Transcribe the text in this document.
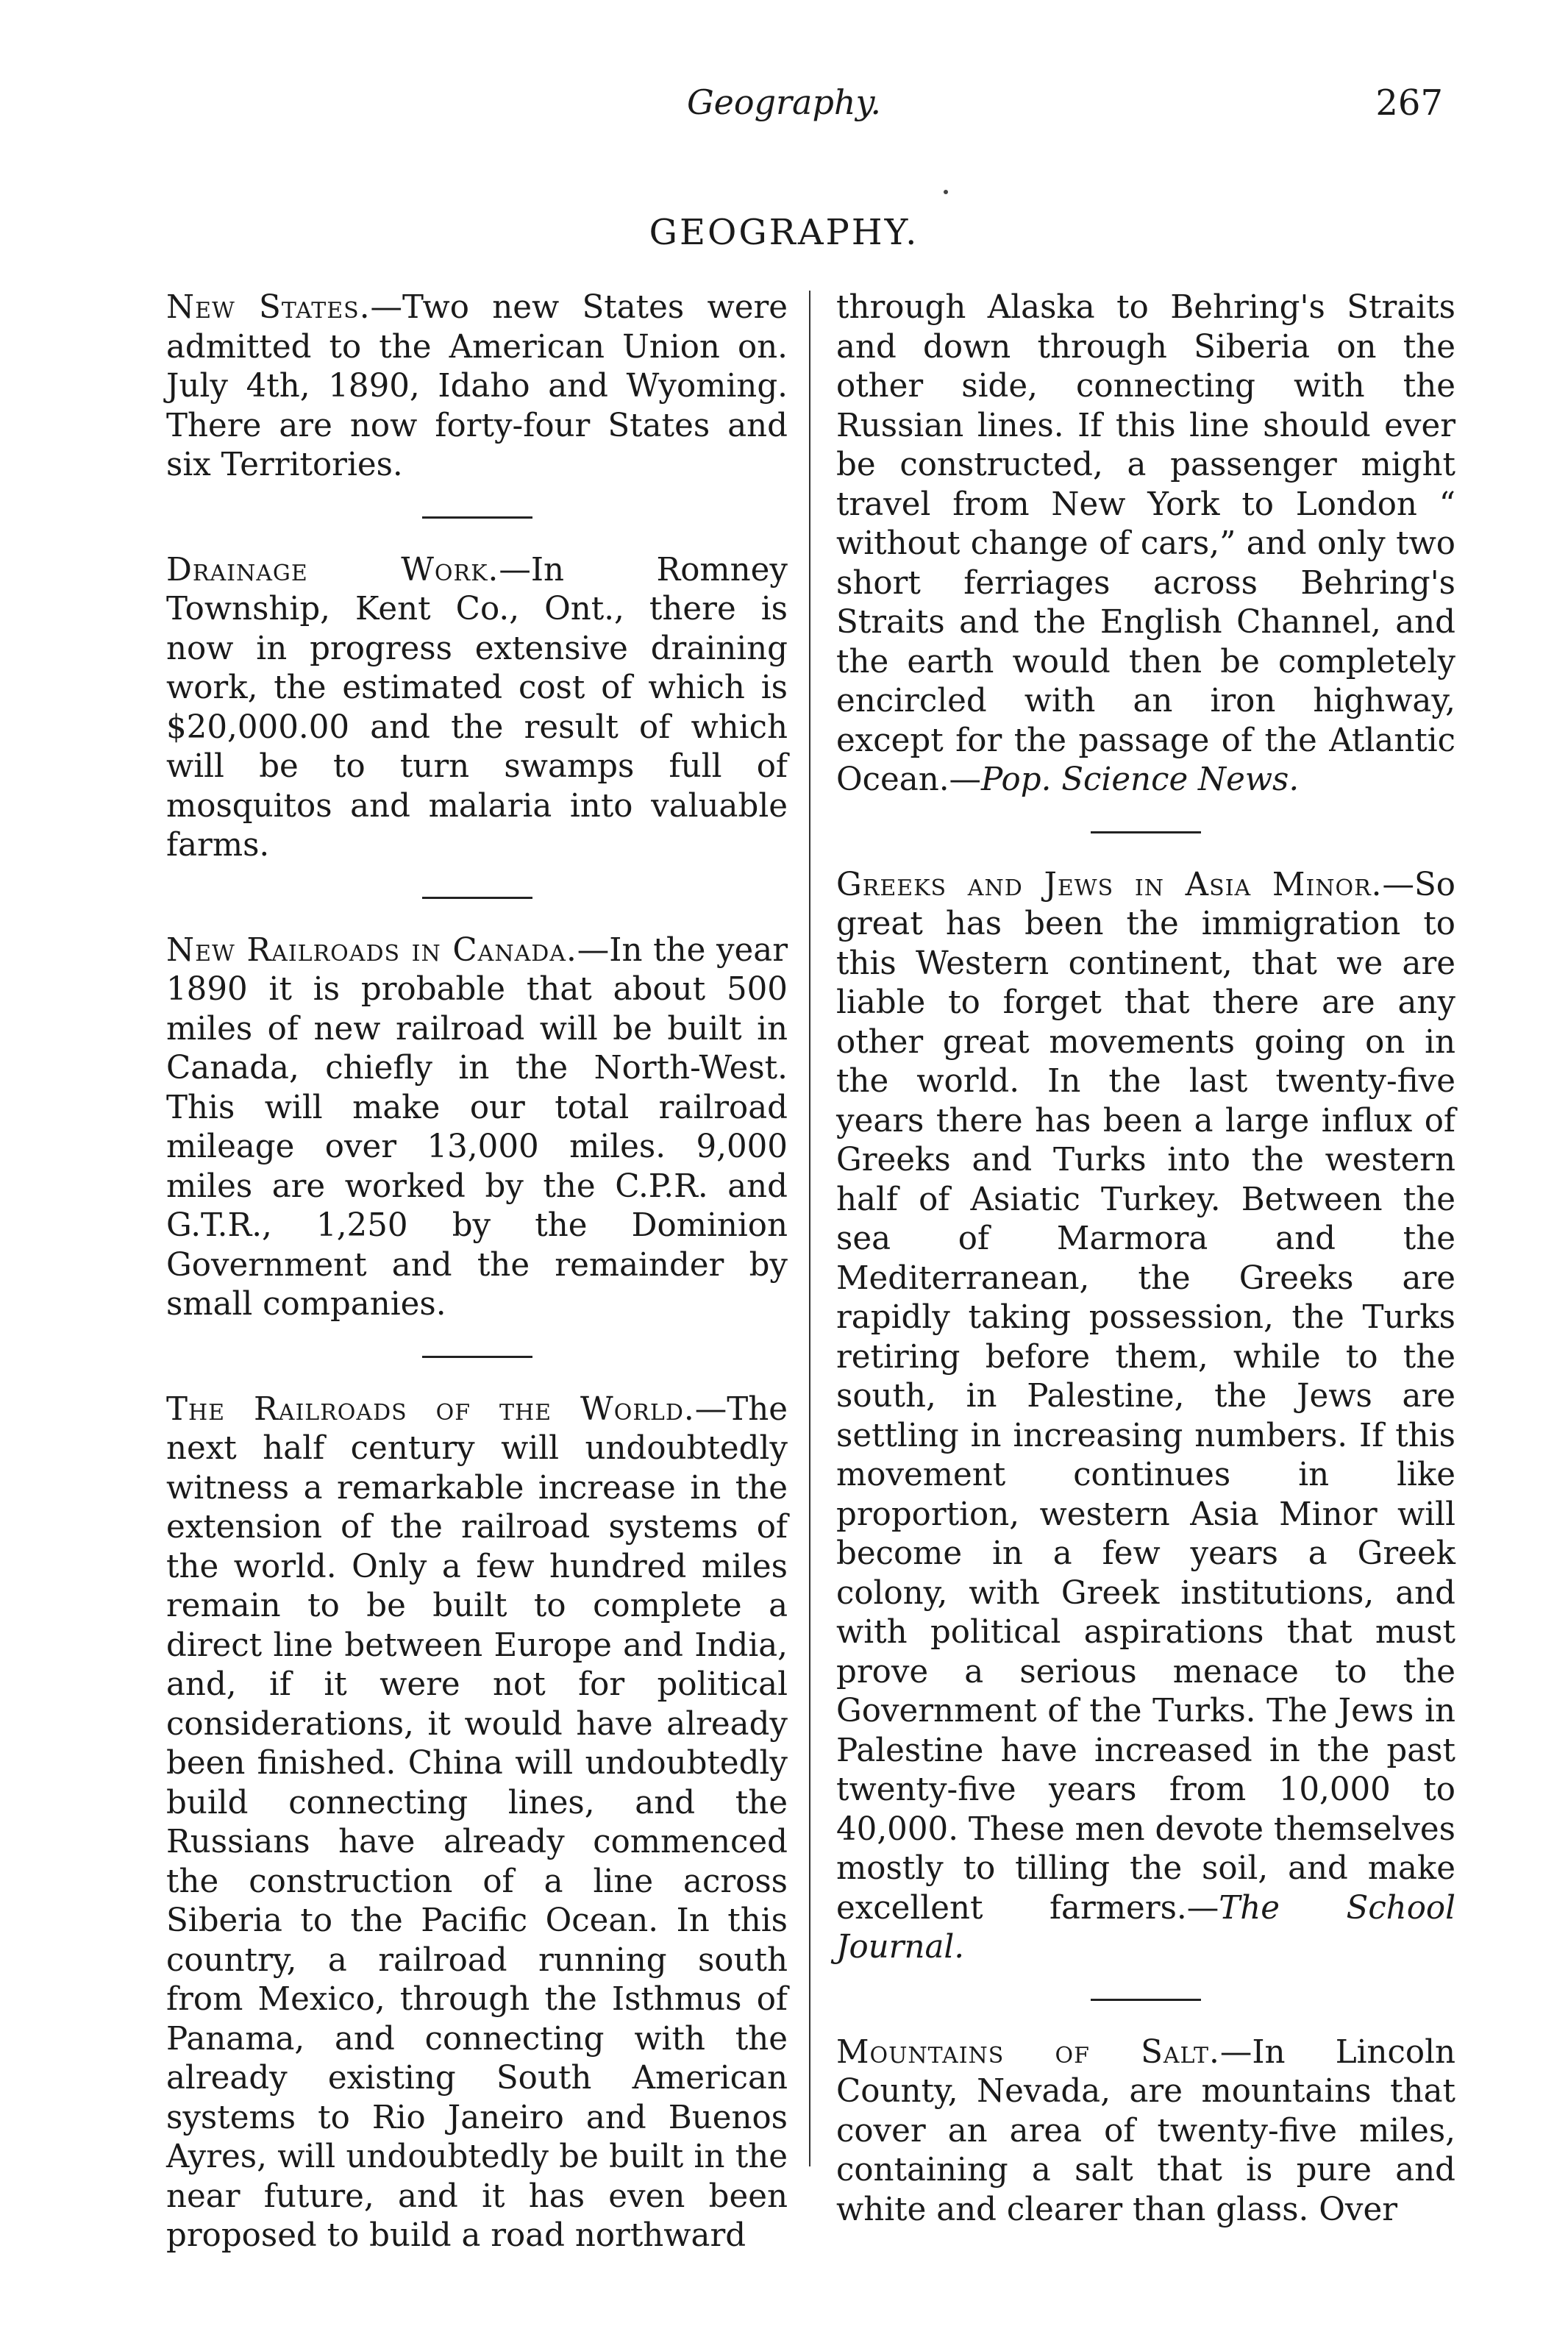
Geography.	267
GEOGRAPHY.

New States.—Two new States were admitted to the American Union on. July 4th, 1890, Idaho and Wyoming. There are now forty-four States and six Territories.

Drainage Work.—In Romney Township, Kent Co., Ont., there is now in progress extensive draining work, the estimated cost of which is $20,000.00 and the result of which will be to turn swamps full of mosquitos and malaria into valuable farms.

New Railroads in Canada.—In the year 1890 it is probable that about 500 miles of new railroad will be built in Canada, chiefly in the North-West. This will make our total railroad mileage over 13,000 miles. 9,000 miles are worked by the C.P.R. and G.T.R., 1,250 by the Dominion Government and the remainder by small companies.

The Railroads of the World.—The next half century will undoubtedly witness a remarkable increase in the extension of the railroad systems of the world. Only a few hundred miles remain to be built to complete a direct line between Europe and India, and, if it were not for political considerations, it would have already been finished. China will undoubtedly build connecting lines, and the Russians have already commenced the construction of a line across Siberia to the Pacific Ocean. In this country, a railroad running south from Mexico, through the Isthmus of Panama, and connecting with the already existing South American systems to Rio Janeiro and Buenos Ayres, will undoubtedly be built in the near future, and it has even been proposed to build a road northward

through Alaska to Behring's Straits and down through Siberia on the other side, connecting with the Russian lines. If this line should ever be constructed, a passenger might travel from New York to London “ without change of cars,” and only two short ferriages across Behring's Straits and the English Channel, and the earth would then be completely encircled with an iron highway, except for the passage of the Atlantic Ocean.—Pop. Science News.

Greeks and Jews in Asia Minor.—So great has been the immigration to this Western continent, that we are liable to forget that there are any other great movements going on in the world. In the last twenty-five years there has been a large influx of Greeks and Turks into the western half of Asiatic Turkey. Between the sea of Marmora and the Mediterranean, the Greeks are rapidly taking possession, the Turks retiring before them, while to the south, in Palestine, the Jews are settling in increasing numbers. If this movement continues in like proportion, western Asia Minor will become in a few years a Greek colony, with Greek institutions, and with political aspirations that must prove a serious menace to the Government of the Turks. The Jews in Palestine have increased in the past twenty-five years from 10,000 to 40,000. These men devote themselves mostly to tilling the soil, and make excellent farmers.—The School Journal.

Mountains of Salt.—In Lincoln County, Nevada, are mountains that cover an area of twenty-five miles, containing a salt that is pure and white and clearer than glass. Over
